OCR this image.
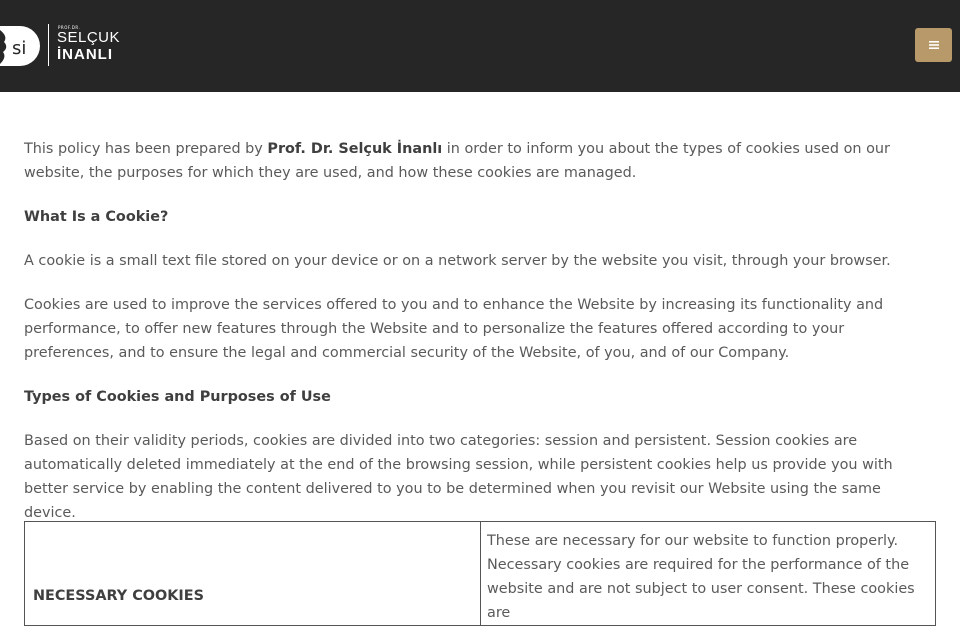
si
PROF.DR.
SELÇUK
İNANLI

This policy has been prepared by Prof. Dr. Selçuk İnanlı in order to inform you about the types of cookies used on our website, the purposes for which they are used, and how these cookies are managed.

What Is a Cookie?

A cookie is a small text file stored on your device or on a network server by the website you visit, through your browser.

Cookies are used to improve the services offered to you and to enhance the Website by increasing its functionality and performance, to offer new features through the Website and to personalize the features offered according to your preferences, and to ensure the legal and commercial security of the Website, of you, and of our Company.

Types of Cookies and Purposes of Use

Based on their validity periods, cookies are divided into two categories: session and persistent. Session cookies are automatically deleted immediately at the end of the browsing session, while persistent cookies help us provide you with better service by enabling the content delivered to you to be determined when you revisit our Website using the same device.

NECESSARY COOKIES	These are necessary for our website to function properly. Necessary cookies are required for the performance of the website and are not subject to user consent. These cookies are
